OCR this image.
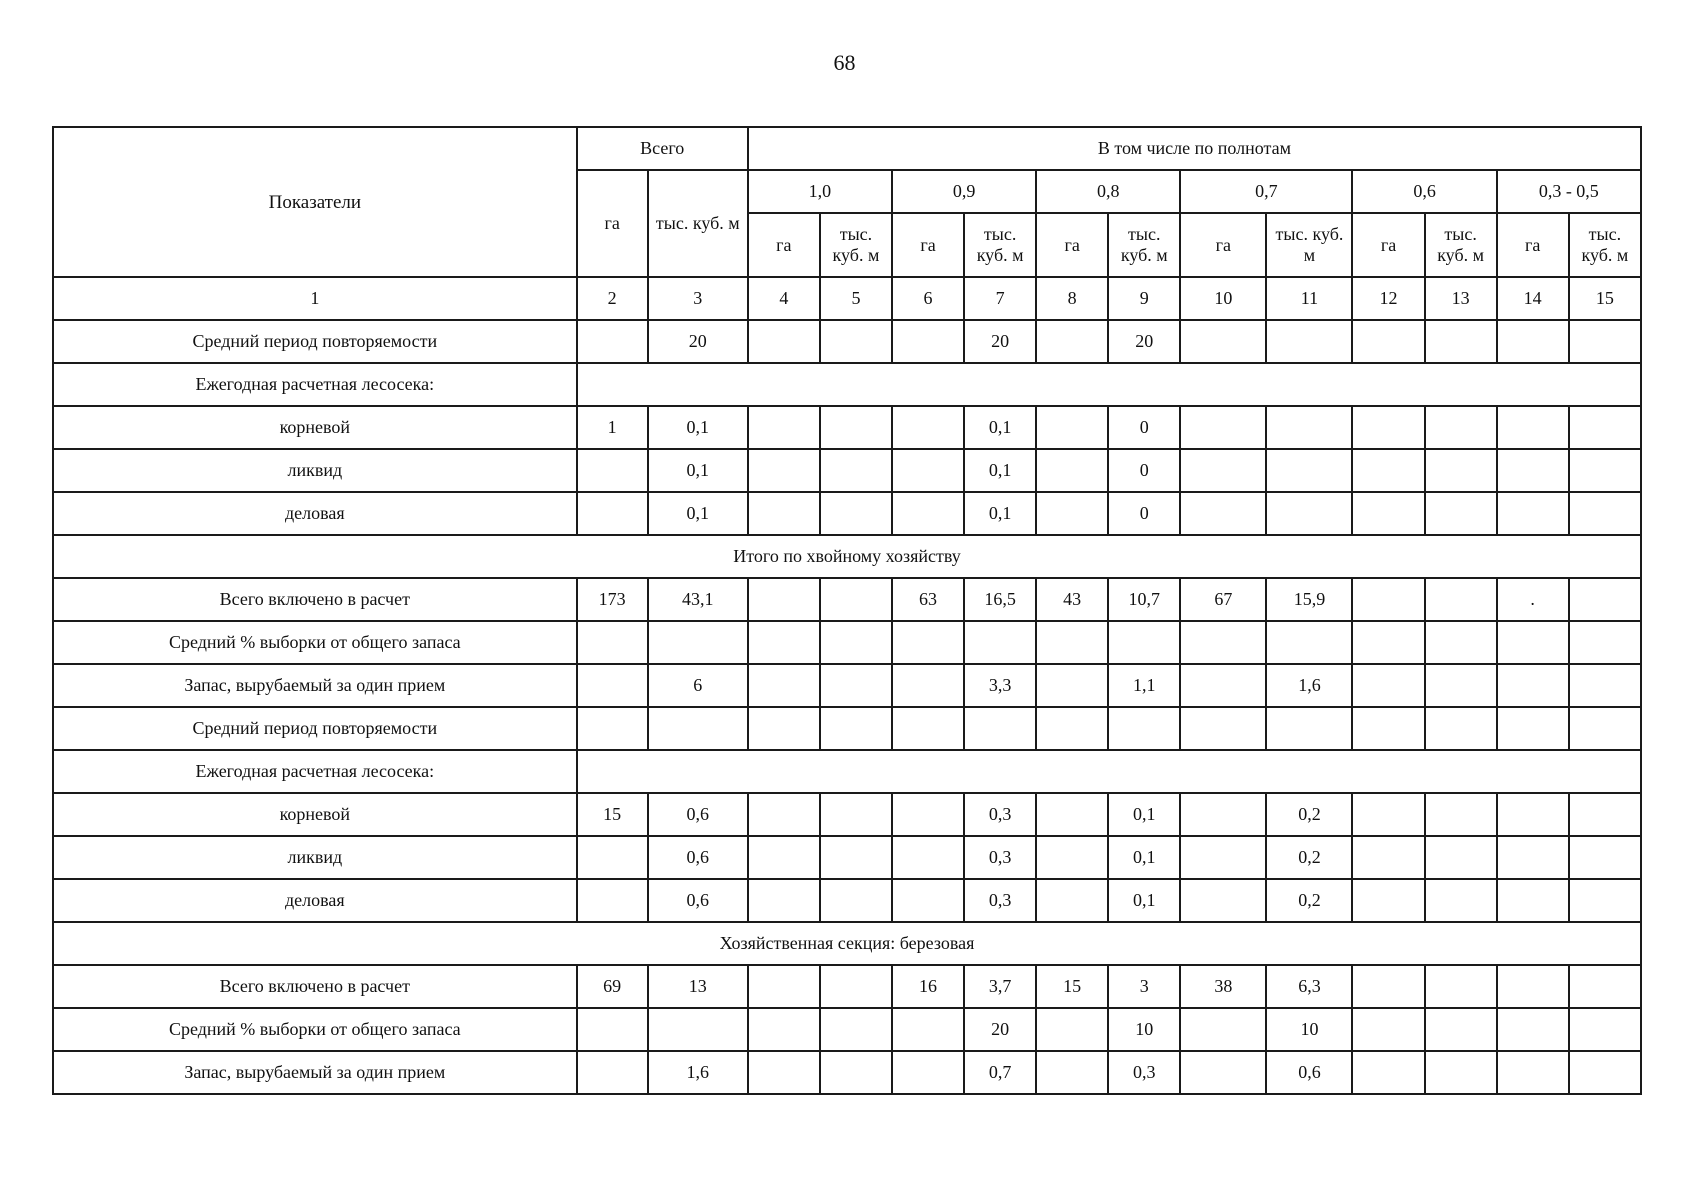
68
Показатели	Всего		В том числе по полнотам											
	га	тыс. куб. м	1,0		0,9		0,8		0,7		0,6		0,3 - 0,5	
			га	тыс. куб. м	га	тыс. куб. м	га	тыс. куб. м	га	тыс. куб. м	га	тыс. куб. м	га	тыс. куб. м
1	2	3	4	5	6	7	8	9	10	11	12	13	14	15
Средний период повторяемости		20				20		20						
Ежегодная расчетная лесосека:														
корневой	1	0,1				0,1		0						
ликвид		0,1				0,1		0						
деловая		0,1				0,1		0						
Итого по хвойному хозяйству														
Всего включено в расчет	173	43,1			63	16,5	43	10,7	67	15,9			.	
Средний % выборки от общего запаса														
Запас, вырубаемый за один прием		6				3,3		1,1		1,6				
Средний период повторяемости														
Ежегодная расчетная лесосека:														
корневой	15	0,6				0,3		0,1		0,2				
ликвид		0,6				0,3		0,1		0,2				
деловая		0,6				0,3		0,1		0,2				
Хозяйственная секция: березовая														
Всего включено в расчет	69	13			16	3,7	15	3	38	6,3				
Средний % выборки от общего запаса						20		10		10				
Запас, вырубаемый за один прием		1,6				0,7		0,3		0,6				
